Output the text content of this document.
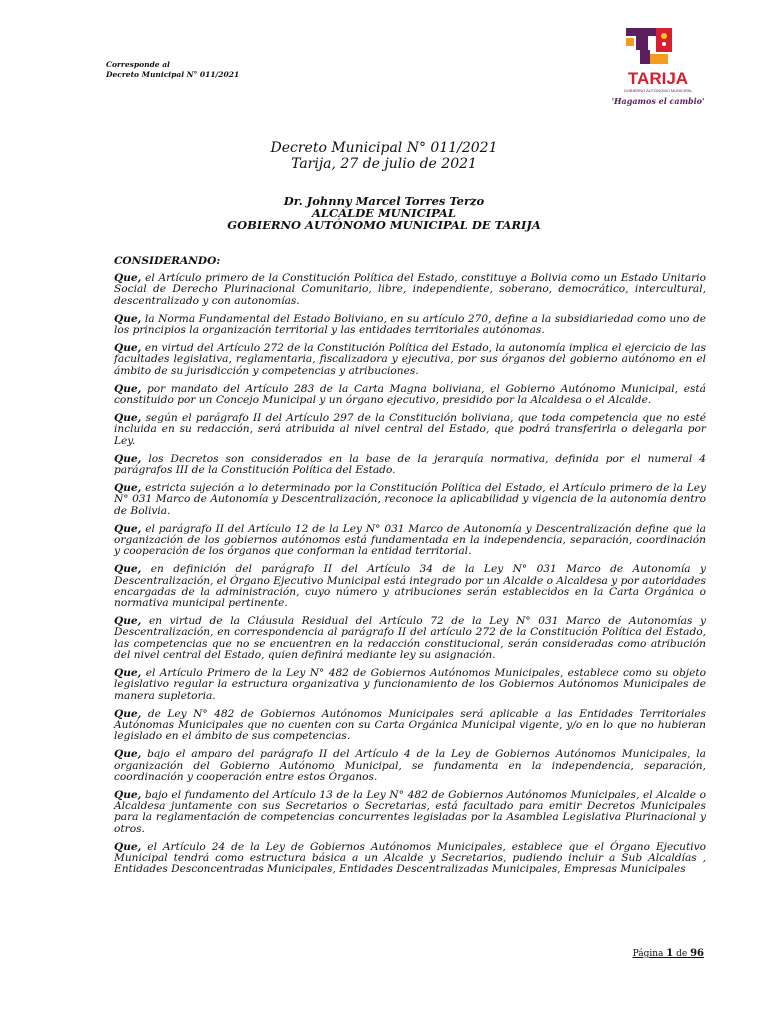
Corresponde al
Decreto Municipal N° 011/2021	TARIJA
GOBIERNO AUTÓNOMO MUNICIPAL
"Hagamos el cambio"
Decreto Municipal N° 011/2021
Tarija, 27 de julio de 2021
Dr. Johnny Marcel Torres Terzo
ALCALDE MUNICIPAL
GOBIERNO AUTÓNOMO MUNICIPAL DE TARIJA
CONSIDERANDO:

Que, el Artículo primero de la Constitución Política del Estado, constituye a Bolivia como un Estado Unitario Social de Derecho Plurinacional Comunitario, libre, independiente, soberano, democrático, intercultural, descentralizado y con autonomías.

Que, la Norma Fundamental del Estado Boliviano, en su artículo 270, define a la subsidiariedad como uno de los principios la organización territorial y las entidades territoriales autónomas.

Que, en virtud del Artículo 272 de la Constitución Política del Estado, la autonomía implica el ejercicio de las facultades legislativa, reglamentaria, fiscalizadora y ejecutiva, por sus órganos del gobierno autónomo en el ámbito de su jurisdicción y competencias y atribuciones.

Que, por mandato del Artículo 283 de la Carta Magna boliviana, el Gobierno Autónomo Municipal, está constituido por un Concejo Municipal y un órgano ejecutivo, presidido por la Alcaldesa o el Alcalde.

Que, según el parágrafo II del Artículo 297 de la Constitución boliviana, que toda competencia que no esté incluida en su redacción, será atribuida al nivel central del Estado, que podrá transferirla o delegarla por Ley.

Que, los Decretos son considerados en la base de la jerarquía normativa, definida por el numeral 4 parágrafos III de la Constitución Política del Estado.

Que, estricta sujeción a lo determinado por la Constitución Política del Estado, el Artículo primero de la Ley N° 031 Marco de Autonomía y Descentralización, reconoce la aplicabilidad y vigencia de la autonomía dentro de Bolivia.

Que, el parágrafo II del Artículo 12 de la Ley N° 031 Marco de Autonomía y Descentralización define que la organización de los gobiernos autónomos está fundamentada en la independencia, separación, coordinación y cooperación de los órganos que conforman la entidad territorial.

Que, en definición del parágrafo II del Artículo 34 de la Ley N° 031 Marco de Autonomía y Descentralización, el Órgano Ejecutivo Municipal está integrado por un Alcalde o Alcaldesa y por autoridades encargadas de la administración, cuyo número y atribuciones serán establecidos en la Carta Orgánica o normativa municipal pertinente.

Que, en virtud de la Cláusula Residual del Artículo 72 de la Ley N° 031 Marco de Autonomías y Descentralización, en correspondencia al parágrafo II del artículo 272 de la Constitución Política del Estado, las competencias que no se encuentren en la redacción constitucional, serán consideradas como atribución del nivel central del Estado, quien definirá mediante ley su asignación.

Que, el Artículo Primero de la Ley N° 482 de Gobiernos Autónomos Municipales, establece como su objeto legislativo regular la estructura organizativa y funcionamiento de los Gobiernos Autónomos Municipales de manera supletoria.

Que, de Ley N° 482 de Gobiernos Autónomos Municipales será aplicable a las Entidades Territoriales Autónomas Municipales que no cuenten con su Carta Orgánica Municipal vigente, y/o en lo que no hubieran legislado en el ámbito de sus competencias.

Que, bajo el amparo del parágrafo II del Artículo 4 de la Ley de Gobiernos Autónomos Municipales, la organización del Gobierno Autónomo Municipal, se fundamenta en la independencia, separación, coordinación y cooperación entre estos Órganos.

Que, bajo el fundamento del Artículo 13 de la Ley N° 482 de Gobiernos Autónomos Municipales, el Alcalde o Alcaldesa juntamente con sus Secretarios o Secretarias, está facultado para emitir Decretos Municipales para la reglamentación de competencias concurrentes legisladas por la Asamblea Legislativa Plurinacional y otros.

Que, el Artículo 24 de la Ley de Gobiernos Autónomos Municipales, establece que el Órgano Ejecutivo Municipal tendrá como estructura básica a un Alcalde y Secretarios, pudiendo incluir a Sub Alcaldías , Entidades Desconcentradas Municipales, Entidades Descentralizadas Municipales, Empresas Municipales

Página 1 de 96
